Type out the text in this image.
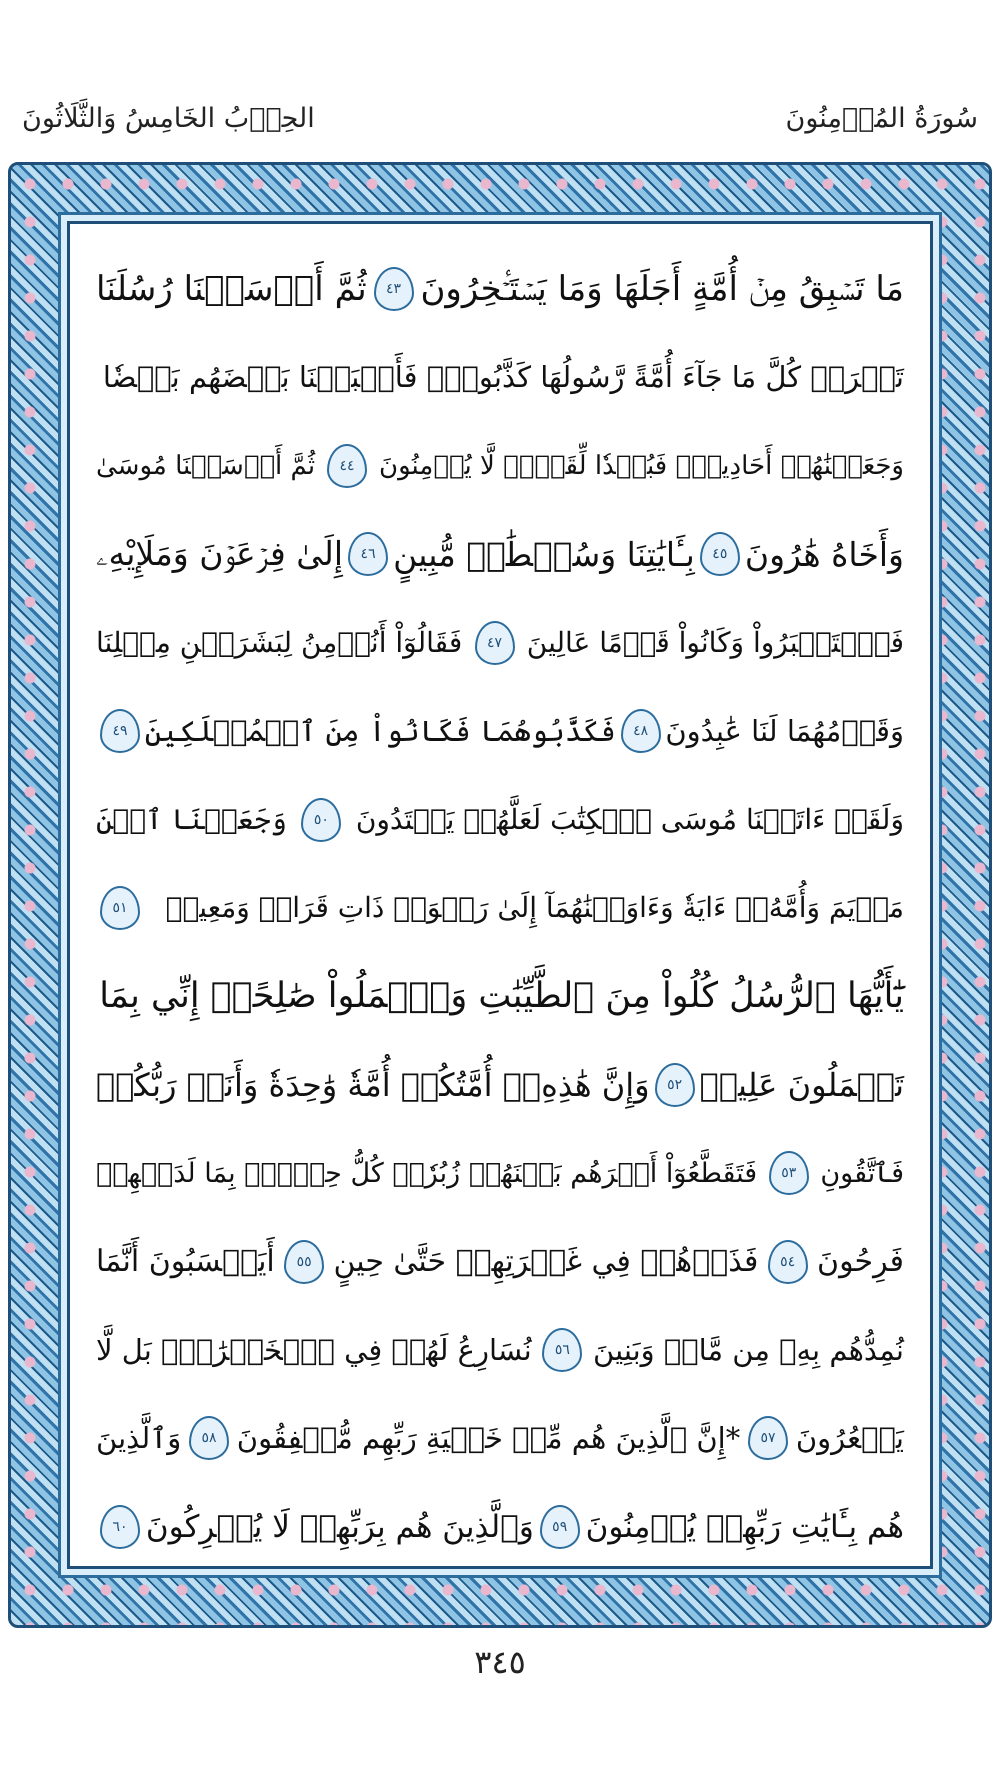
سُورَةُ المُؤۡمِنُونَ
الحِزۡبُ الخَامِسُ وَالثَّلَاثُونَ
مَا تَسۡبِقُ مِنۡ أُمَّةٍ أَجَلَهَا وَمَا يَسۡتَـٔۡخِرُونَ
٤٣
ثُمَّ أَرۡسَلۡنَا رُسُلَنَا
تَتۡرَاۖ كُلَّ مَا جَآءَ أُمَّةً رَّسُولُهَا كَذَّبُوهُۖ فَأَتۡبَعۡنَا بَعۡضَهُم بَعۡضٗا
وَجَعَلۡنَٰهُمۡ أَحَادِيثَۚ فَبُعۡدٗا لِّقَوۡمٖ لَّا يُؤۡمِنُونَ
٤٤
ثُمَّ أَرۡسَلۡنَا مُوسَىٰ
وَأَخَاهُ هَٰرُونَ
٤٥
بِـَٔايَٰتِنَا وَسُلۡطَٰنٖ مُّبِينٍ
٤٦
إِلَىٰ فِرۡعَوۡنَ وَمَلَإِيْهِۦ
فَٱسۡتَكۡبَرُواْ وَكَانُواْ قَوۡمًا عَالِينَ
٤٧
فَقَالُوٓاْ أَنُؤۡمِنُ لِبَشَرَيۡنِ مِثۡلِنَا
وَقَوۡمُهُمَا لَنَا عَٰبِدُونَ
٤٨
فَكَذَّبُوهُمَا فَكَانُواْ مِنَ ٱلۡمُهۡلَكِينَ
٤٩
وَلَقَدۡ ءَاتَيۡنَا مُوسَى ٱلۡكِتَٰبَ لَعَلَّهُمۡ يَهۡتَدُونَ
٥٠
وَجَعَلۡنَا ٱبۡنَ
مَرۡيَمَ وَأُمَّهُۥٓ ءَايَةٗ وَءَاوَيۡنَٰهُمَآ إِلَىٰ رَبۡوَةٖ ذَاتِ قَرَارٖ وَمَعِينٖ
٥١
يَٰٓأَيُّهَا ٱلرُّسُلُ كُلُواْ مِنَ ٱلطَّيِّبَٰتِ وَٱعۡمَلُواْ صَٰلِحًاۖ إِنِّي بِمَا
تَعۡمَلُونَ عَلِيمٞ
٥٢
وَإِنَّ هَٰذِهِۦٓ أُمَّتُكُمۡ أُمَّةٗ وَٰحِدَةٗ وَأَنَا۠ رَبُّكُمۡ
فَٱتَّقُونِ
٥٣
فَتَقَطَّعُوٓاْ أَمۡرَهُم بَيۡنَهُمۡ زُبُرٗاۖ كُلُّ حِزۡبِۭ بِمَا لَدَيۡهِمۡ
فَرِحُونَ
٥٤
فَذَرۡهُمۡ فِي غَمۡرَتِهِمۡ حَتَّىٰ حِينٍ
٥٥
أَيَحۡسَبُونَ أَنَّمَا
نُمِدُّهُم بِهِۦ مِن مَّالٖ وَبَنِينَ
٥٦
نُسَارِعُ لَهُمۡ فِي ٱلۡخَيۡرَٰتِۚ بَل لَّا
يَشۡعُرُونَ
٥٧
*إِنَّ ٱلَّذِينَ هُم مِّنۡ خَشۡيَةِ رَبِّهِم مُّشۡفِقُونَ
٥٨
وَٱلَّذِينَ
هُم بِـَٔايَٰتِ رَبِّهِمۡ يُؤۡمِنُونَ
٥٩
وَٱلَّذِينَ هُم بِرَبِّهِمۡ لَا يُشۡرِكُونَ
٦٠
٣٤٥
